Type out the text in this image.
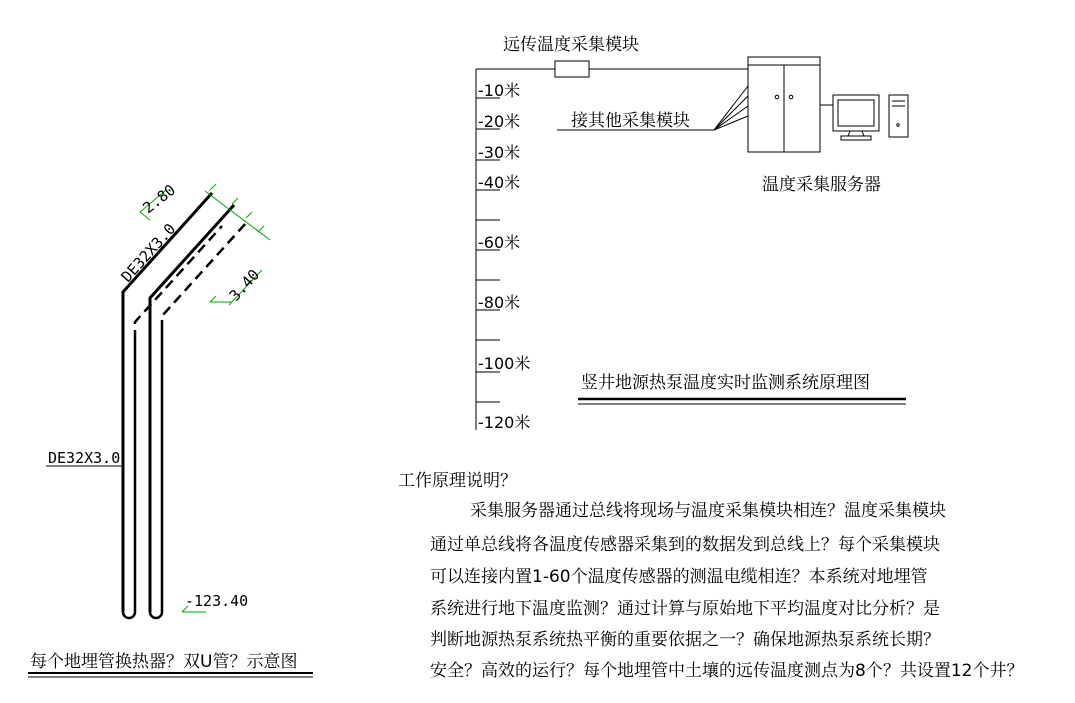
2.80
DE32X3.0	3.40
-123.40
DE32X3.0
远传温度采集模块
接其他采集模块
温度采集服务器
竖井地源热泵温度实时监测系统原理图
-10米
-20米
-30米
-40米
-60米
-80米
-100米
-120米
每个地埋管换热器？双U管？示意图
工作原理说明？
采集服务器通过总线将现场与温度采集模块相连？温度采集模块
通过单总线将各温度传感器采集到的数据发到总线上？每个采集模块
可以连接内置1-60个温度传感器的测温电缆相连？本系统对地埋管
系统进行地下温度监测？通过计算与原始地下平均温度对比分析？是
判断地源热泵系统热平衡的重要依据之一？确保地源热泵系统长期？
安全？高效的运行？每个地埋管中土壤的远传温度测点为8个？共设置12个井？
